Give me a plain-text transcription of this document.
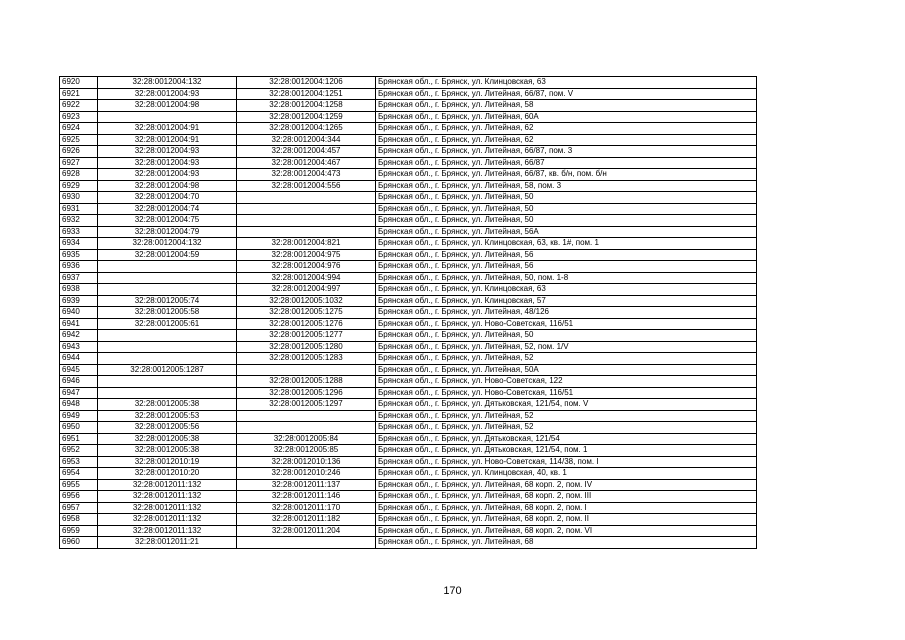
6920	32:28:0012004:132	32:28:0012004:1206	Брянская обл., г. Брянск, ул. Клинцовская, 63
6921	32:28:0012004:93	32:28:0012004:1251	Брянская обл., г. Брянск, ул. Литейная, 66/87, пом. V
6922	32:28:0012004:98	32:28:0012004:1258	Брянская обл., г. Брянск, ул. Литейная, 58
6923		32:28:0012004:1259	Брянская обл., г. Брянск, ул. Литейная, 60А
6924	32:28:0012004:91	32:28:0012004:1265	Брянская обл., г. Брянск, ул. Литейная, 62
6925	32:28:0012004:91	32:28:0012004:344	Брянская обл., г. Брянск, ул. Литейная, 62
6926	32:28:0012004:93	32:28:0012004:457	Брянская обл., г. Брянск, ул. Литейная, 66/87, пом. 3
6927	32:28:0012004:93	32:28:0012004:467	Брянская обл., г. Брянск, ул. Литейная, 66/87
6928	32:28:0012004:93	32:28:0012004:473	Брянская обл., г. Брянск, ул. Литейная, 66/87, кв. б/н, пом. б/н
6929	32:28:0012004:98	32:28:0012004:556	Брянская обл., г. Брянск, ул. Литейная, 58, пом. 3
6930	32:28:0012004:70		Брянская обл., г. Брянск, ул. Литейная, 50
6931	32:28:0012004:74		Брянская обл., г. Брянск, ул. Литейная, 50
6932	32:28:0012004:75		Брянская обл., г. Брянск, ул. Литейная, 50
6933	32:28:0012004:79		Брянская обл., г. Брянск, ул. Литейная, 56А
6934	32:28:0012004:132	32:28:0012004:821	Брянская обл., г. Брянск, ул. Клинцовская, 63, кв. 1#, пом. 1
6935	32:28:0012004:59	32:28:0012004:975	Брянская обл., г. Брянск, ул. Литейная, 56
6936		32:28:0012004:976	Брянская обл., г. Брянск, ул. Литейная, 56
6937		32:28:0012004:994	Брянская обл., г. Брянск, ул. Литейная, 50, пом. 1-8
6938		32:28:0012004:997	Брянская обл., г. Брянск, ул. Клинцовская, 63
6939	32:28:0012005:74	32:28:0012005:1032	Брянская обл., г. Брянск, ул. Клинцовская, 57
6940	32:28:0012005:58	32:28:0012005:1275	Брянская обл., г. Брянск, ул. Литейная, 48/126
6941	32:28:0012005:61	32:28:0012005:1276	Брянская обл., г. Брянск, ул. Ново-Советская, 116/51
6942		32:28:0012005:1277	Брянская обл., г. Брянск, ул. Литейная, 50
6943		32:28:0012005:1280	Брянская обл., г. Брянск, ул. Литейная, 52, пом. 1/V
6944		32:28:0012005:1283	Брянская обл., г. Брянск, ул. Литейная, 52
6945	32:28:0012005:1287		Брянская обл., г. Брянск, ул. Литейная, 50А
6946		32:28:0012005:1288	Брянская обл., г. Брянск, ул. Ново-Советская, 122
6947		32:28:0012005:1296	Брянская обл., г. Брянск, ул. Ново-Советская, 116/51
6948	32:28:0012005:38	32:28:0012005:1297	Брянская обл., г. Брянск, ул. Дятьковская, 121/54, пом. V
6949	32:28:0012005:53		Брянская обл., г. Брянск, ул. Литейная, 52
6950	32:28:0012005:56		Брянская обл., г. Брянск, ул. Литейная, 52
6951	32:28:0012005:38	32:28:0012005:84	Брянская обл., г. Брянск, ул. Дятьковская, 121/54
6952	32:28:0012005:38	32:28:0012005:85	Брянская обл., г. Брянск, ул. Дятьковская, 121/54, пом. 1
6953	32:28:0012010:19	32:28:0012010:136	Брянская обл., г. Брянск, ул. Ново-Советская, 114/38, пом. I
6954	32:28:0012010:20	32:28:0012010:246	Брянская обл., г. Брянск, ул. Клинцовская, 40, кв. 1
6955	32:28:0012011:132	32:28:0012011:137	Брянская обл., г. Брянск, ул. Литейная, 68 корп. 2, пом. IV
6956	32:28:0012011:132	32:28:0012011:146	Брянская обл., г. Брянск, ул. Литейная, 68 корп. 2, пом. III
6957	32:28:0012011:132	32:28:0012011:170	Брянская обл., г. Брянск, ул. Литейная, 68 корп. 2, пом. I
6958	32:28:0012011:132	32:28:0012011:182	Брянская обл., г. Брянск, ул. Литейная, 68 корп. 2, пом. II
6959	32:28:0012011:132	32:28:0012011:204	Брянская обл., г. Брянск, ул. Литейная, 68 корп. 2, пом. VI
6960	32:28:0012011:21		Брянская обл., г. Брянск, ул. Литейная, 68
170
